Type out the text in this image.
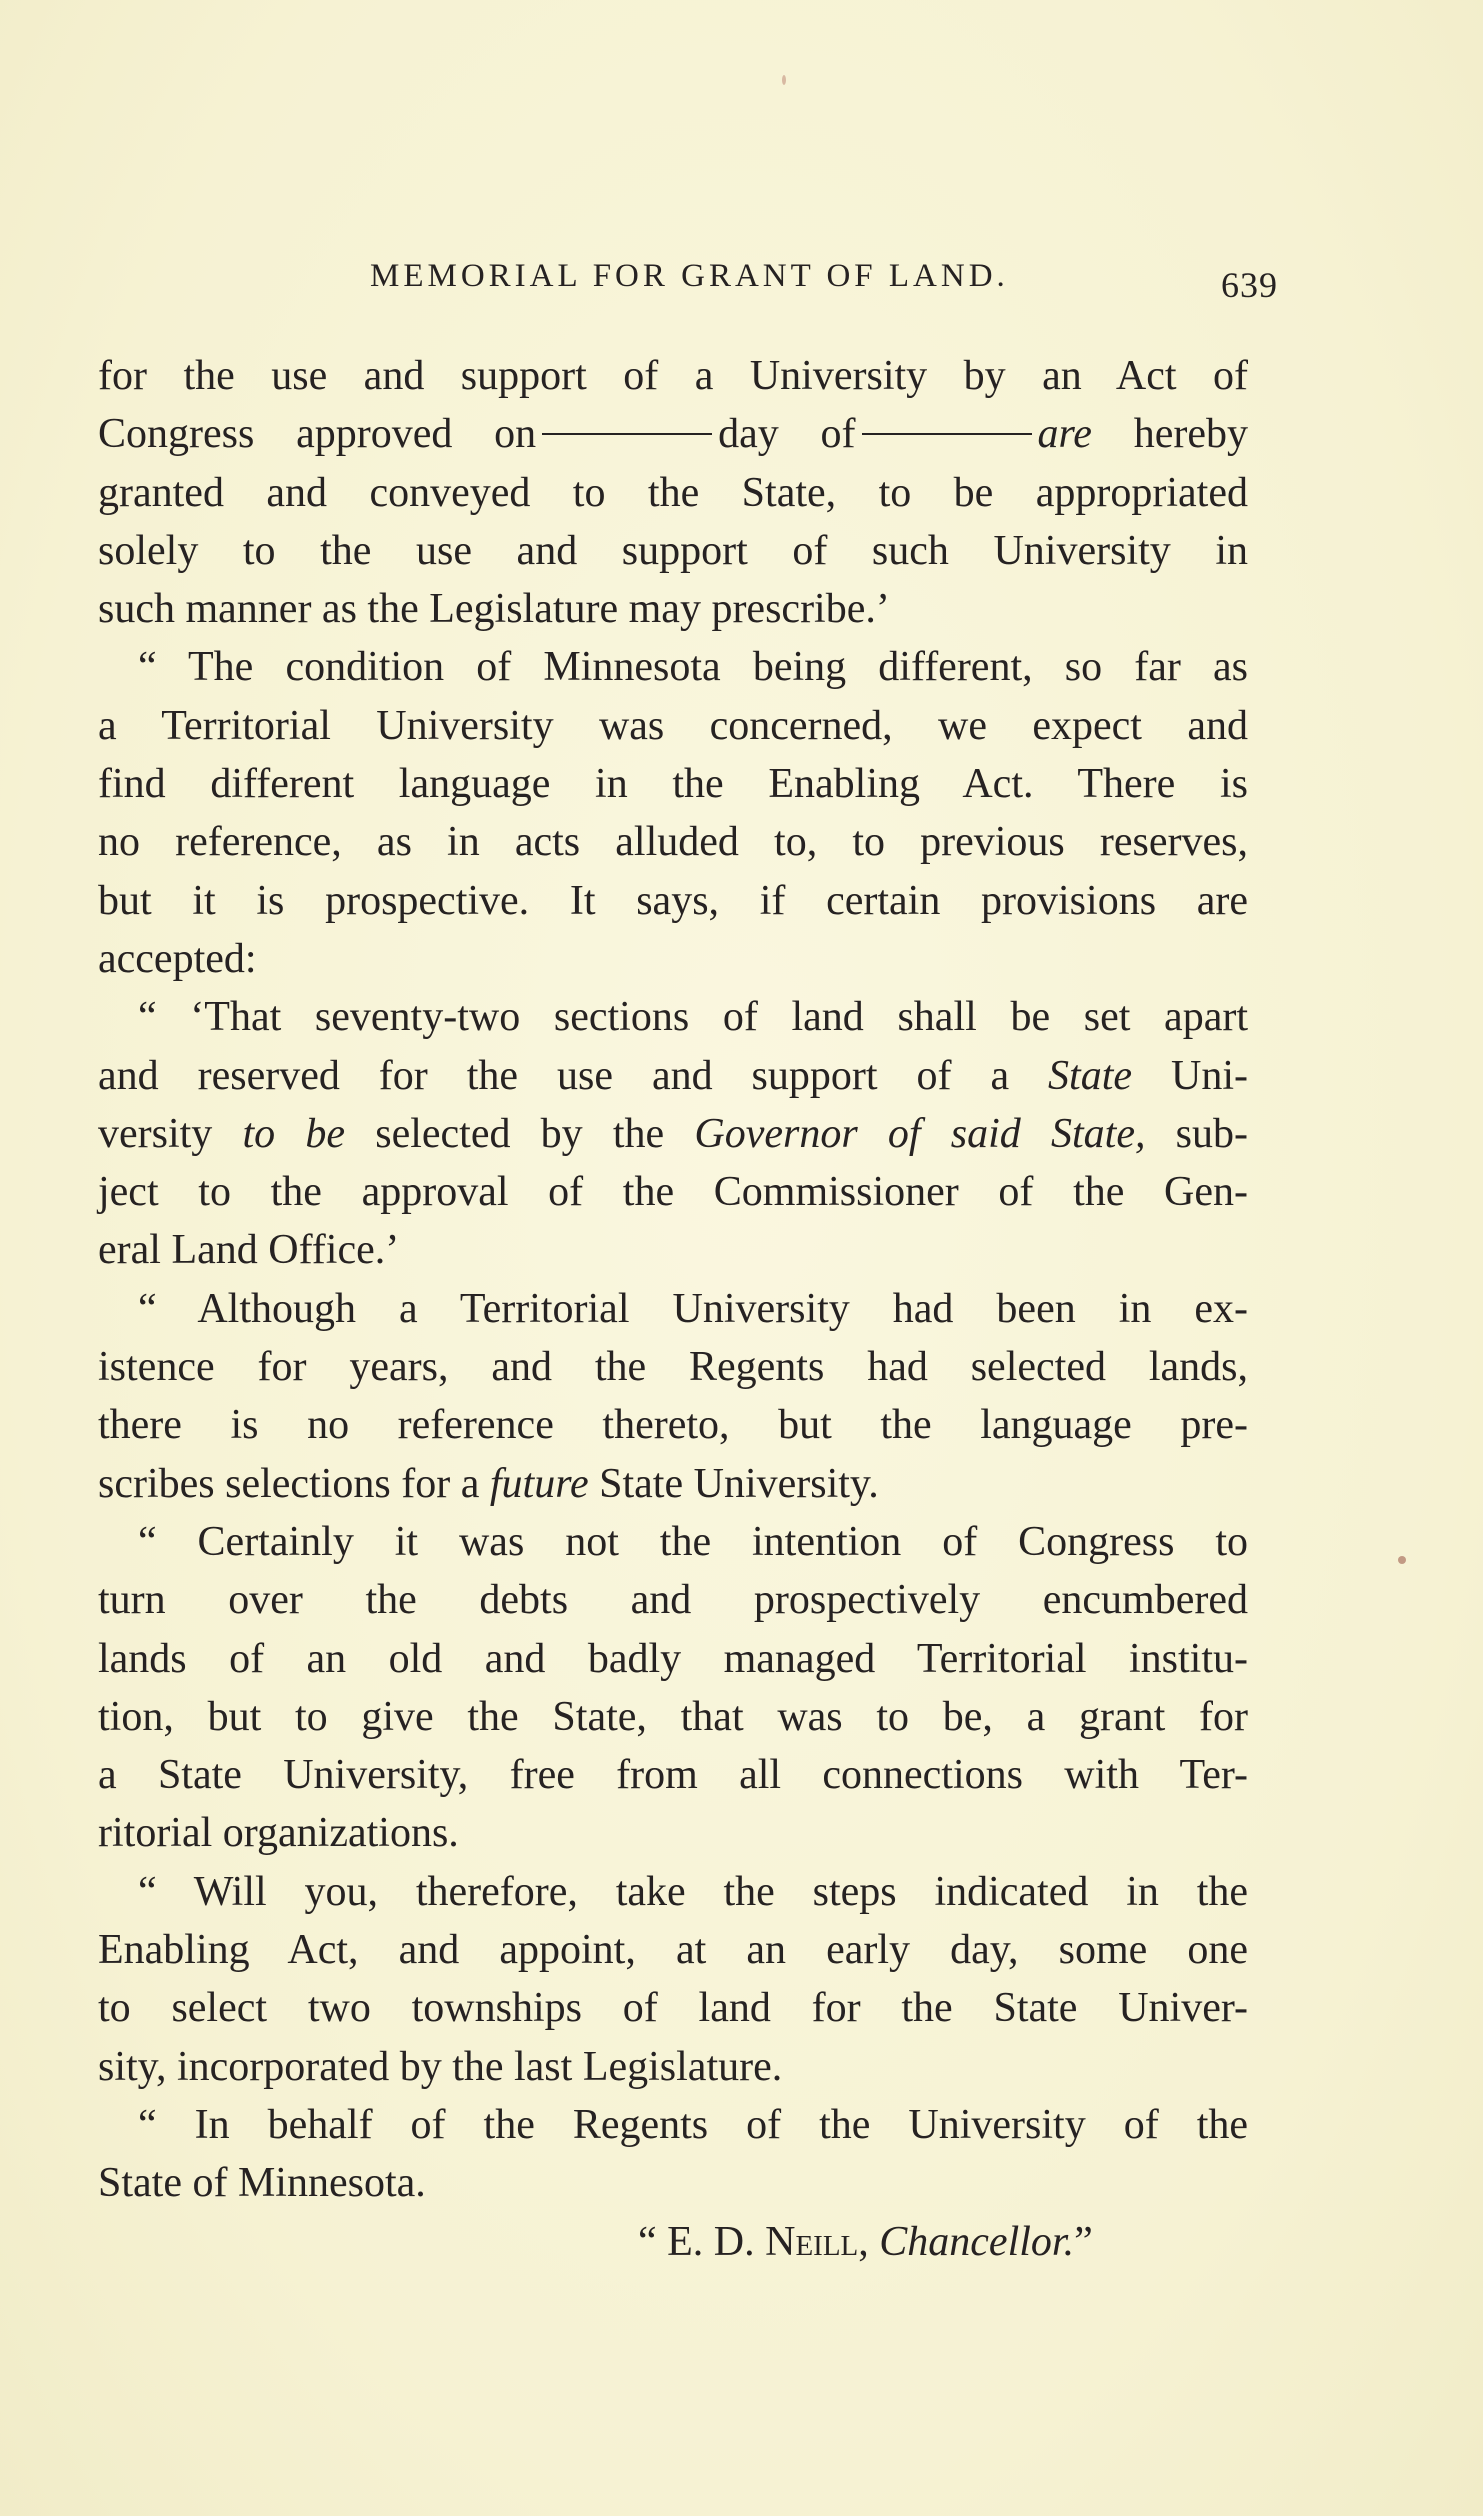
MEMORIAL FOR GRANT OF LAND.	639
for the use and support of a University by an Act of
Congress approved on	day of	are hereby
granted and conveyed to the State, to be appropriated
solely to the use and support of such University in
such manner as the Legislature may prescribe.’
“ The condition of Minnesota being different, so far as
a Territorial University was concerned, we expect and
find different language in the Enabling Act. There is
no reference, as in acts alluded to, to previous reserves,
but it is prospective. It says, if certain provisions are
accepted:
“ ‘That seventy-two sections of land shall be set apart
and reserved for the use and support of a State Uni-
versity to be selected by the Governor of said State, sub-
ject to the approval of the Commissioner of the Gen-
eral Land Office.’
“ Although a Territorial University had been in ex-
istence for years, and the Regents had selected lands,
there is no reference thereto, but the language pre-
scribes selections for a future State University.
“ Certainly it was not the intention of Congress to
turn over the debts and prospectively encumbered
lands of an old and badly managed Territorial institu-
tion, but to give the State, that was to be, a grant for
a State University, free from all connections with Ter-
ritorial organizations.
“ Will you, therefore, take the steps indicated in the
Enabling Act, and appoint, at an early day, some one
to select two townships of land for the State Univer-
sity, incorporated by the last Legislature.
“ In behalf of the Regents of the University of the
State of Minnesota.
“ E. D. Neill, Chancellor.”
